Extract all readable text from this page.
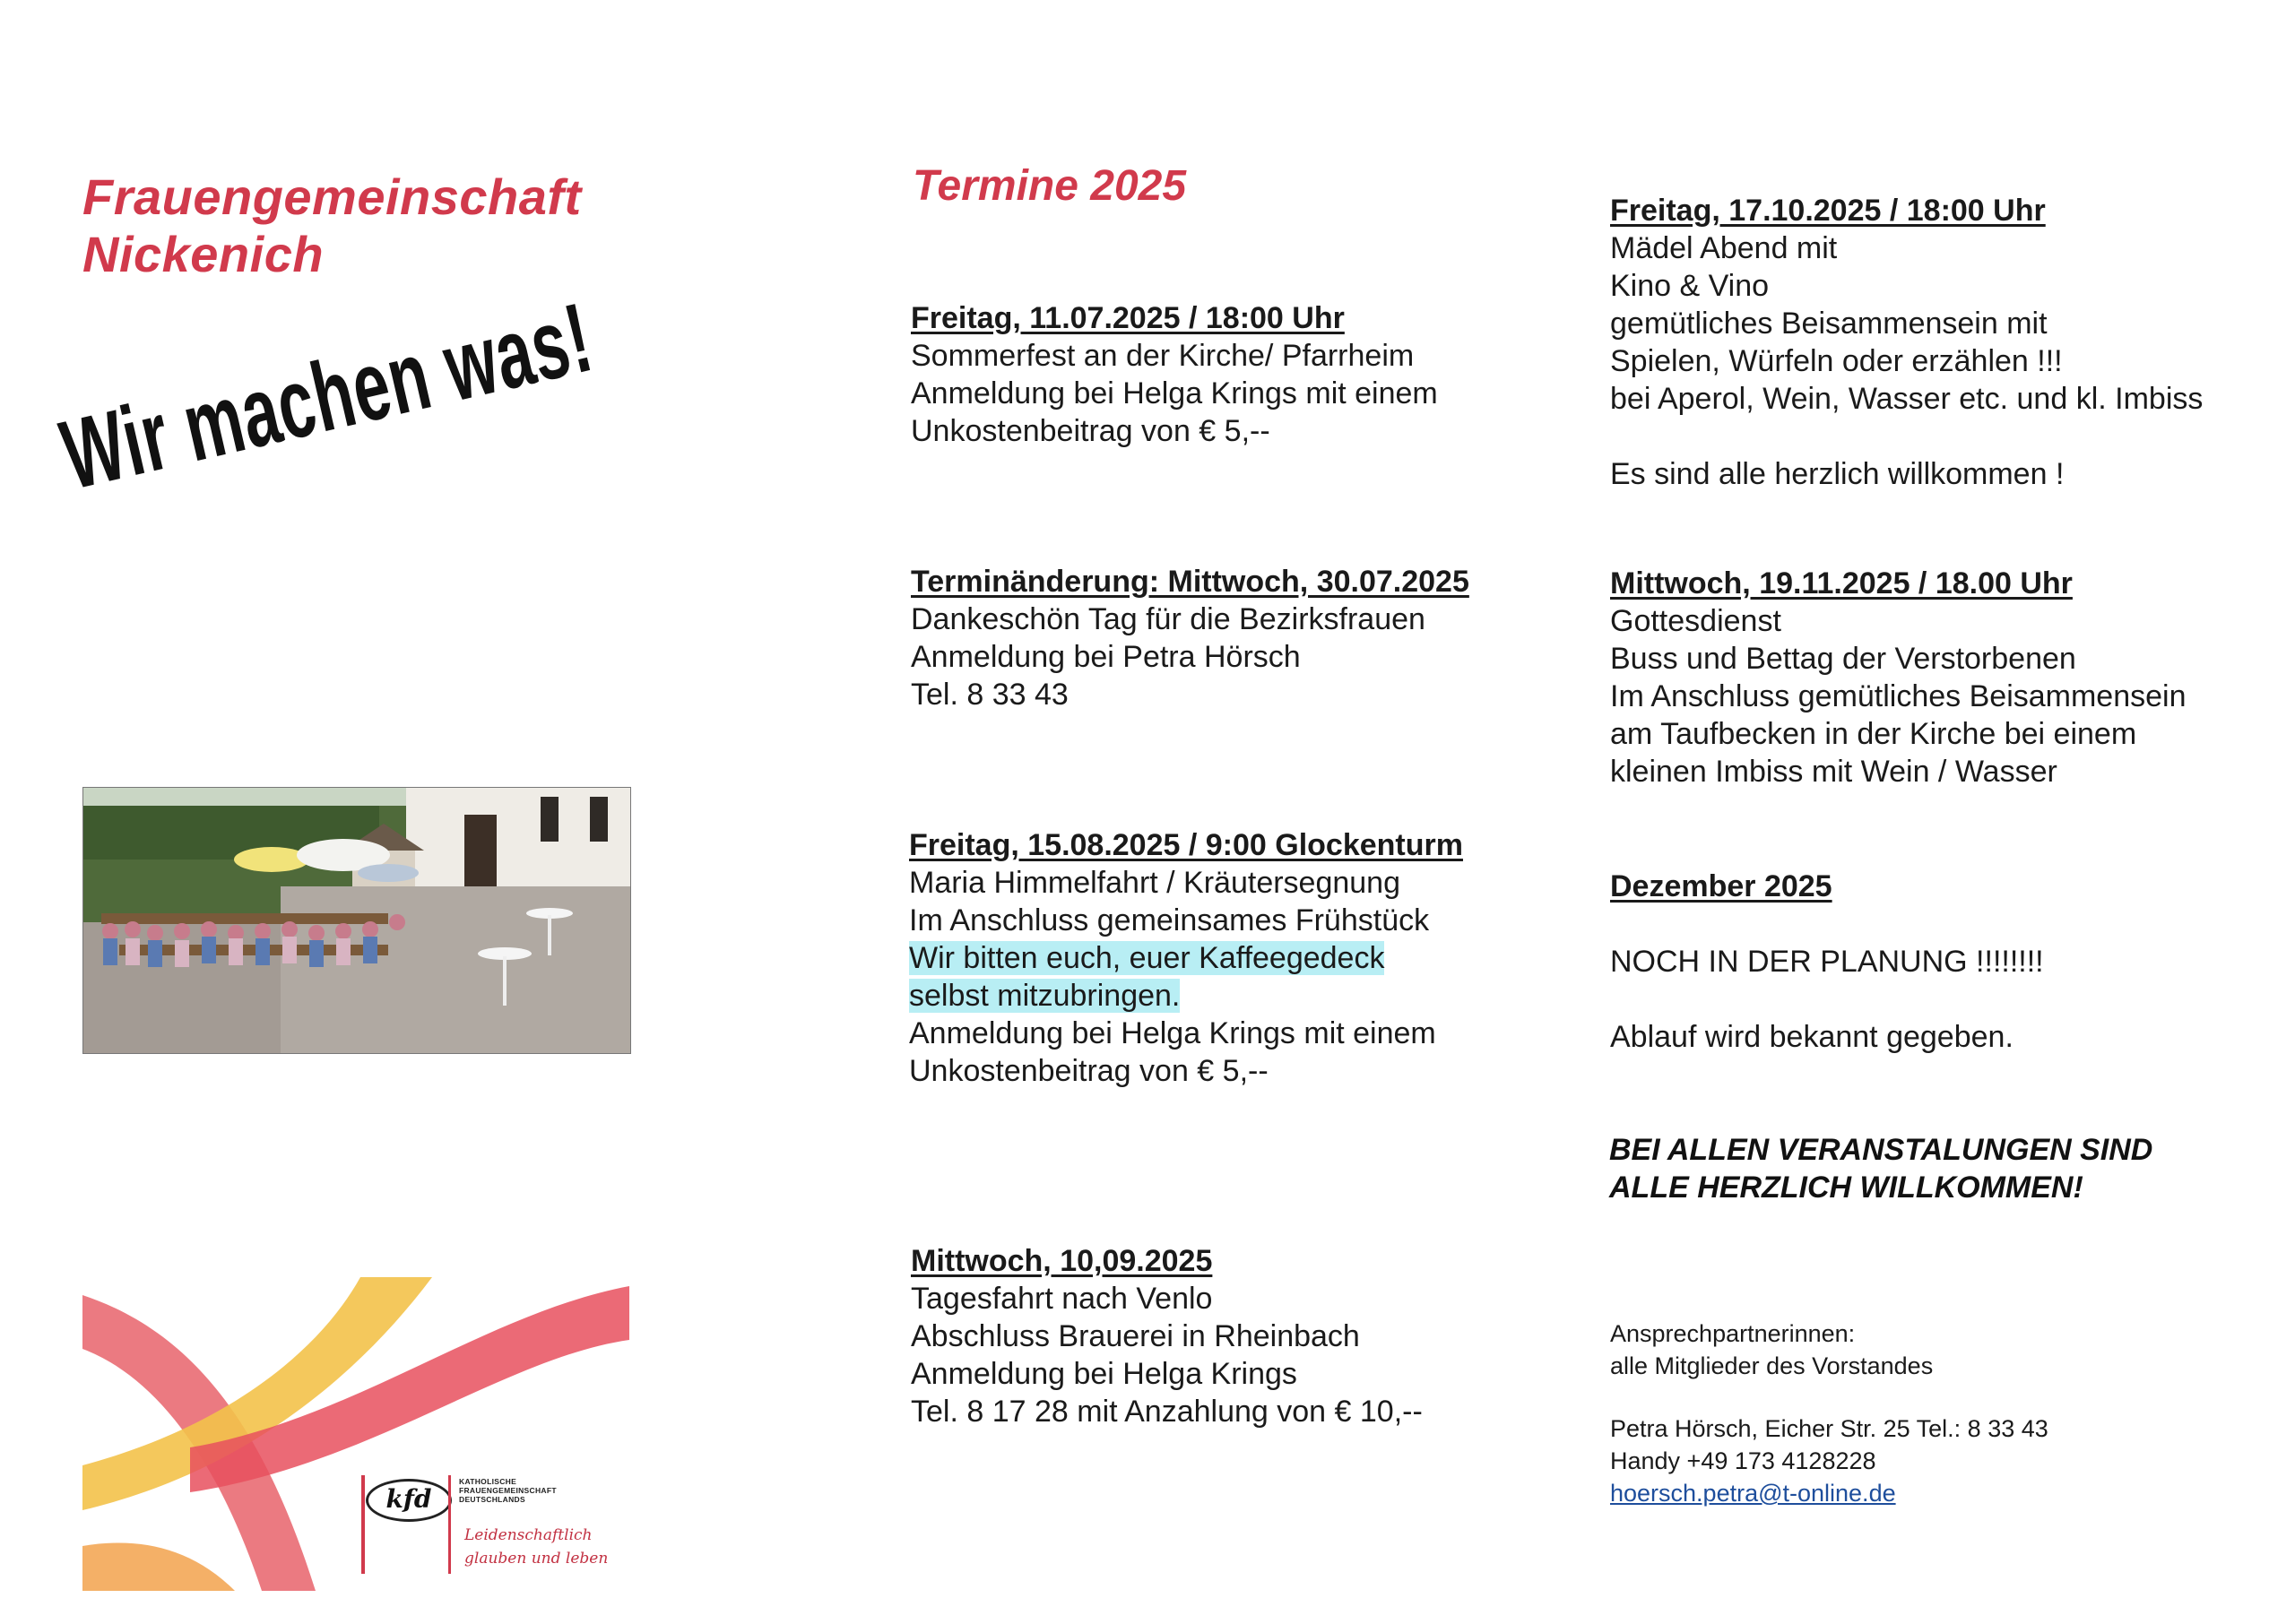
Frauengemeinschaft
Nickenich
Wir machen was!
kfd
KATHOLISCHE
FRAUENGEMEINSCHAFT
DEUTSCHLANDS
Leidenschaftlich
glauben und leben
Termine 2025

Freitag, 11.07.2025 / 18:00 Uhr

Sommerfest an der Kirche/ Pfarrheim

Anmeldung bei Helga Krings mit einem

Unkostenbeitrag von € 5,--

Terminänderung: Mittwoch, 30.07.2025

Dankeschön Tag für die Bezirksfrauen

Anmeldung bei Petra Hörsch

Tel. 8 33 43

Freitag, 15.08.2025 / 9:00 Glockenturm

Maria Himmelfahrt / Kräutersegnung

Im Anschluss gemeinsames Frühstück

Wir bitten euch, euer Kaffeegedeck

selbst mitzubringen.

Anmeldung bei Helga Krings mit einem

Unkostenbeitrag von € 5,--

Mittwoch, 10,09.2025

Tagesfahrt nach Venlo

Abschluss Brauerei in Rheinbach

Anmeldung bei Helga Krings

Tel. 8 17 28 mit Anzahlung von € 10,--

Freitag, 17.10.2025 / 18:00 Uhr

Mädel Abend mit

Kino & Vino

gemütliches Beisammensein mit

Spielen, Würfeln oder erzählen !!!

bei Aperol, Wein, Wasser etc. und kl. Imbiss

Es sind alle herzlich willkommen !

Mittwoch, 19.11.2025 / 18.00 Uhr

Gottesdienst

Buss und Bettag der Verstorbenen

Im Anschluss gemütliches Beisammensein

am Taufbecken in der Kirche bei einem

kleinen Imbiss mit Wein / Wasser

Dezember 2025

NOCH IN DER PLANUNG !!!!!!!!

Ablauf wird bekannt gegeben.

BEI ALLEN VERANSTALUNGEN SIND
ALLE HERZLICH WILLKOMMEN!

Ansprechpartnerinnen:

alle Mitglieder des Vorstandes

Petra Hörsch, Eicher Str. 25 Tel.: 8 33 43

Handy +49 173 4128228

hoersch.petra@t-online.de
